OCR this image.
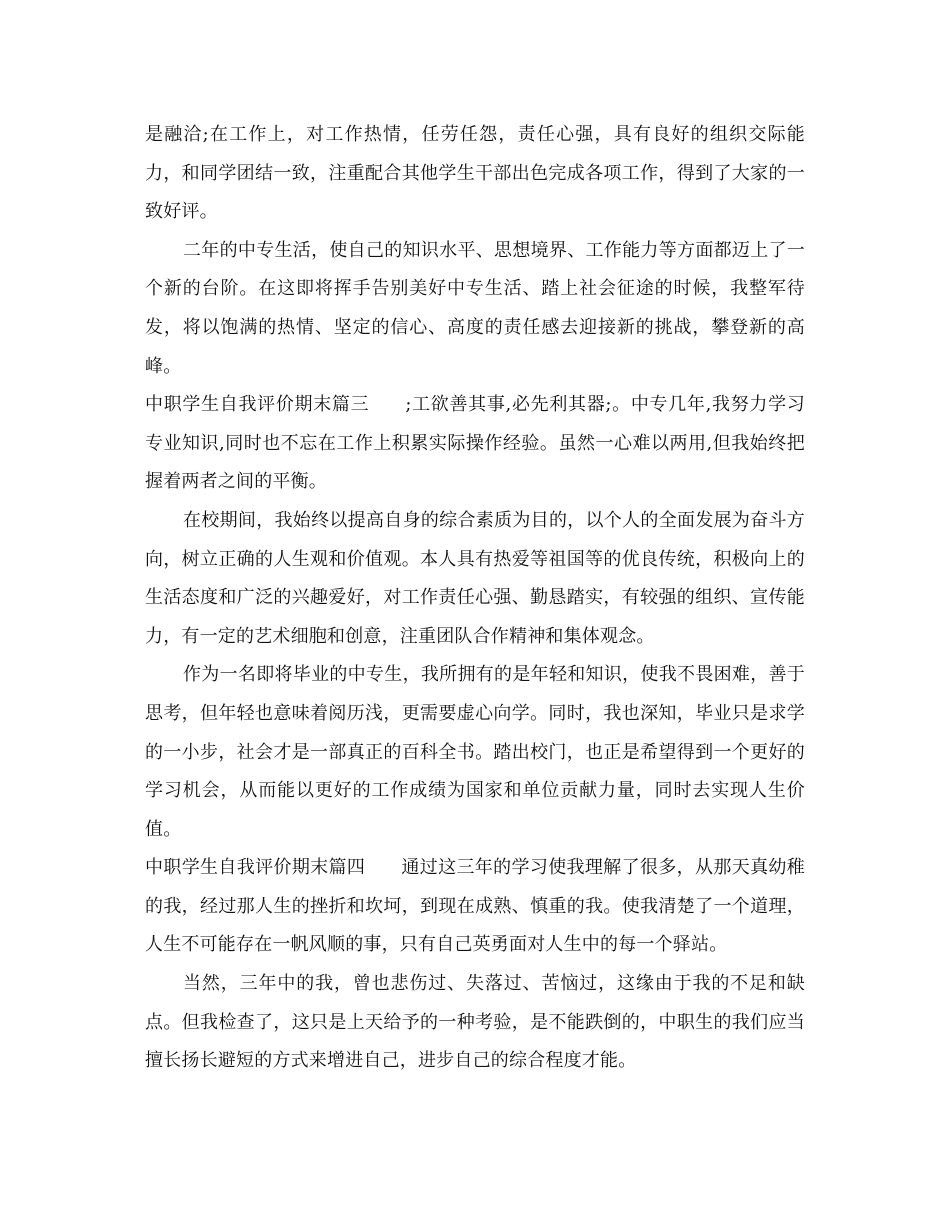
是融洽;在工作上，对工作热情，任劳任怨，责任心强，具有良好的组织交际能力，和同学团结一致，注重配合其他学生干部出色完成各项工作，得到了大家的一致好评。

二年的中专生活，使自己的知识水平、思想境界、工作能力等方面都迈上了一个新的台阶。在这即将挥手告别美好中专生活、踏上社会征途的时候，我整军待发，将以饱满的热情、坚定的信心、高度的责任感去迎接新的挑战，攀登新的高峰。

中职学生自我评价期末篇三 ;工欲善其事,必先利其器;。中专几年,我努力学习专业知识,同时也不忘在工作上积累实际操作经验。虽然一心难以两用,但我始终把握着两者之间的平衡。

在校期间，我始终以提高自身的综合素质为目的，以个人的全面发展为奋斗方向，树立正确的人生观和价值观。本人具有热爱等祖国等的优良传统，积极向上的生活态度和广泛的兴趣爱好，对工作责任心强、勤恳踏实，有较强的组织、宣传能力，有一定的艺术细胞和创意，注重团队合作精神和集体观念。

作为一名即将毕业的中专生，我所拥有的是年轻和知识，使我不畏困难，善于思考，但年轻也意味着阅历浅，更需要虚心向学。同时，我也深知，毕业只是求学的一小步，社会才是一部真正的百科全书。踏出校门，也正是希望得到一个更好的学习机会，从而能以更好的工作成绩为国家和单位贡献力量，同时去实现人生价值。

中职学生自我评价期末篇四 通过这三年的学习使我理解了很多，从那天真幼稚的我，经过那人生的挫折和坎坷，到现在成熟、慎重的我。使我清楚了一个道理，人生不可能存在一帆风顺的事，只有自己英勇面对人生中的每一个驿站。

当然，三年中的我，曾也悲伤过、失落过、苦恼过，这缘由于我的不足和缺点。但我检查了，这只是上天给予的一种考验，是不能跌倒的，中职生的我们应当擅长扬长避短的方式来增进自己，进步自己的综合程度才能。
